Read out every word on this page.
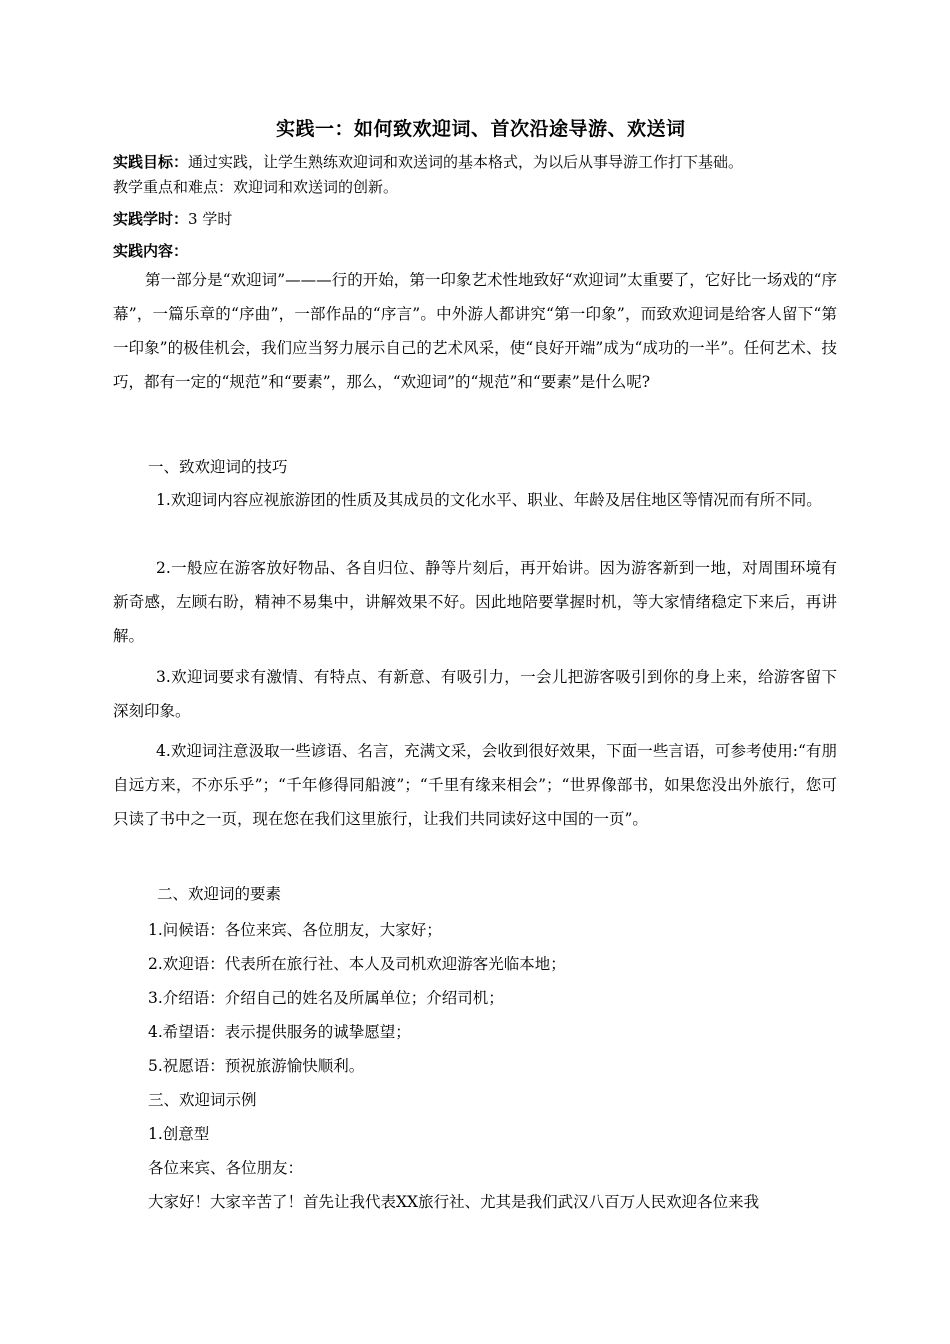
实践一：如何致欢迎词、首次沿途导游、欢送词
实践目标：通过实践，让学生熟练欢迎词和欢送词的基本格式，为以后从事导游工作打下基础。
教学重点和难点：欢迎词和欢送词的创新。
实践学时：3 学时
实践内容：
第一部分是“欢迎词”———行的开始，第一印象艺术性地致好“欢迎词”太重要了，它好比一场戏的“序幕”，一篇乐章的“序曲”，一部作品的“序言”。中外游人都讲究“第一印象”，而致欢迎词是给客人留下“第一印象”的极佳机会，我们应当努力展示自己的艺术风采，使“良好开端”成为“成功的一半”。任何艺术、技巧，都有一定的“规范”和“要素”，那么，“欢迎词”的“规范”和“要素”是什么呢?
一、致欢迎词的技巧
1.欢迎词内容应视旅游团的性质及其成员的文化水平、职业、年龄及居住地区等情况而有所不同。
2.一般应在游客放好物品、各自归位、静等片刻后，再开始讲。因为游客新到一地，对周围环境有新奇感，左顾右盼，精神不易集中，讲解效果不好。因此地陪要掌握时机，等大家情绪稳定下来后，再讲解。
3.欢迎词要求有激情、有特点、有新意、有吸引力，一会儿把游客吸引到你的身上来，给游客留下深刻印象。
4.欢迎词注意汲取一些谚语、名言，充满文采，会收到很好效果，下面一些言语，可参考使用:“有朋自远方来，不亦乐乎”；“千年修得同船渡”；“千里有缘来相会”；“世界像部书，如果您没出外旅行，您可只读了书中之一页，现在您在我们这里旅行，让我们共同读好这中国的一页”。
二、欢迎词的要素
1.问候语：各位来宾、各位朋友，大家好；
2.欢迎语：代表所在旅行社、本人及司机欢迎游客光临本地；
3.介绍语：介绍自己的姓名及所属单位；介绍司机；
4.希望语：表示提供服务的诚挚愿望；
5.祝愿语：预祝旅游愉快顺利。
三、欢迎词示例
1.创意型
各位来宾、各位朋友：
大家好！大家辛苦了！首先让我代表XX旅行社、尤其是我们武汉八百万人民欢迎各位来我
